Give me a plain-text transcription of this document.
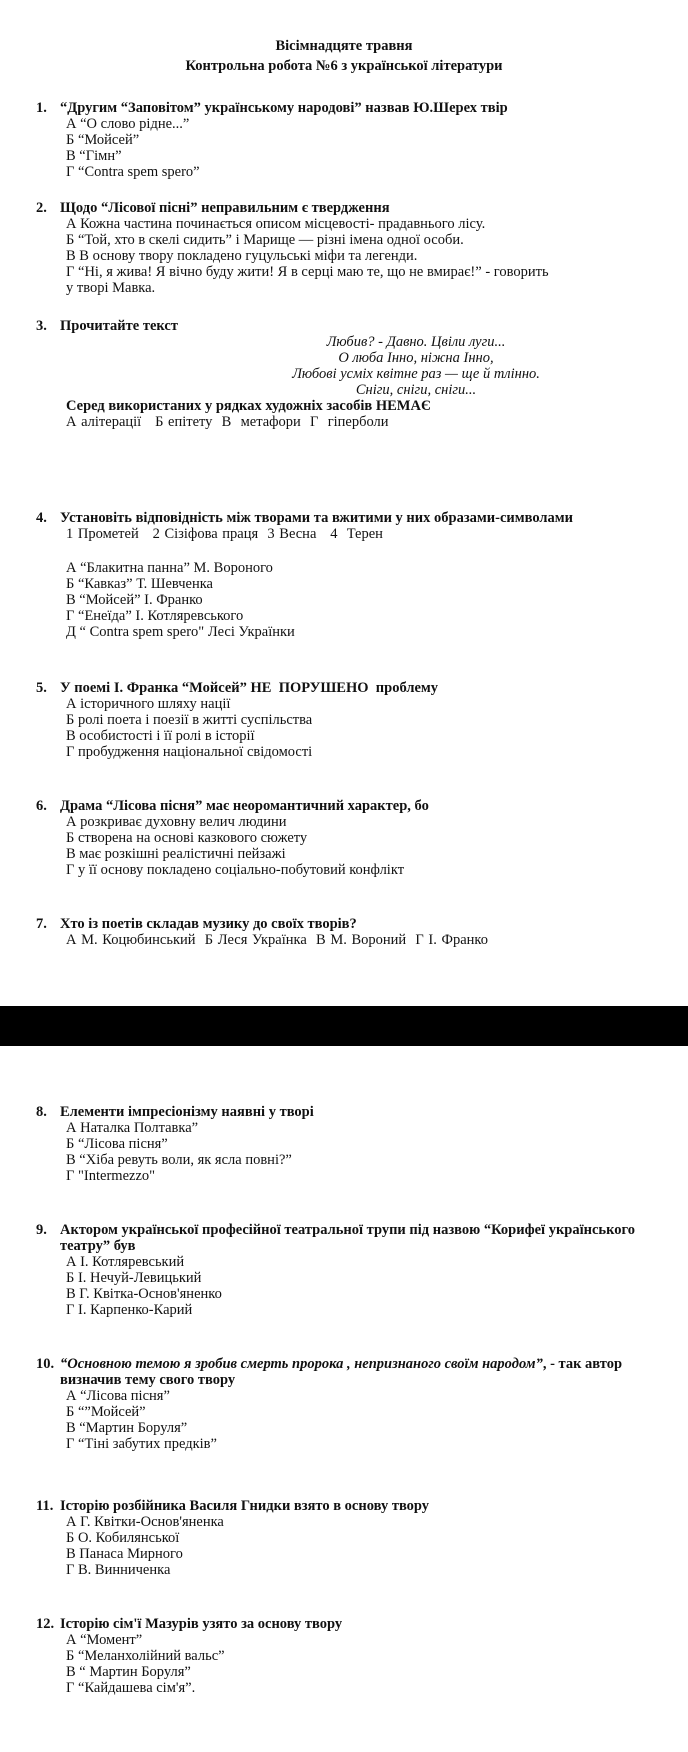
Вісімнадцяте травня
Контрольна робота №6 з української літератури
1. “Другим “Заповітом” українському народові” назвав Ю.Шерех твір
А “О слово рідне...”
Б “Мойсей”
В “Гімн”
Г “Contra spem spero”
2. Щодо “Лісової пісні” неправильним є твердження
А Кожна частина починається описом місцевості- прадавнього лісу.
Б “Той, хто в скелі сидить” і Марище — різні імена одної особи.
В В основу твору покладено гуцульські міфи та легенди.
Г “Ні, я жива! Я вічно буду жити! Я в серці маю те, що не вмирає!” - говорить
у творі Мавка.
3. Прочитайте текст
Любив? - Давно. Цвіли луги...
О люба Інно, ніжна Інно,
Любові усміх квітне раз — ще й тлінно.
Сніги, сніги, сніги...
Серед використаних у рядках художніх засобів НЕМАЄ
А алітерації   Б епітету  В  метафори  Г  гіперболи
4. Установіть відповідність між творами та вжитими у них образами-символами
1 Прометей   2 Сізіфова праця  3 Весна   4  Терен
А “Блакитна панна” М. Вороного
Б “Кавказ” Т. Шевченка
В “Мойсей” І. Франко
Г “Енеїда” І. Котляревського
Д “ Contra spem spero" Лесі Українки
5. У поемі І. Франка “Мойсей” НЕ  ПОРУШЕНО  проблему
А історичного шляху нації
Б ролі поета і поезії в житті суспільства
В особистості і її ролі в історії
Г пробудження національної свідомості
6. Драма “Лісова пісня” має неоромантичний характер, бо
А розкриває духовну велич людини
Б створена на основі казкового сюжету
В має розкішні реалістичні пейзажі
Г у її основу покладено соціально-побутовий конфлікт
7. Хто із поетів складав музику до своїх творів?
А М. Коцюбинський  Б Леся Українка  В М. Вороний  Г І. Франко
8. Елементи імпресіонізму наявні у творі
А Наталка Полтавка”
Б “Лісова пісня”
В “Хіба ревуть воли, як ясла повні?”
Г "Intermezzo"
9. Актором української професійної театральної трупи під назвою “Корифеї українського театру” був
А І. Котляревський
Б І. Нечуй-Левицький
В Г. Квітка-Основ'яненко
Г І. Карпенко-Карий
10. “Основною темою я зробив смерть пророка , непризнаного своїм народом”, - так автор визначив тему свого твору
А “Лісова пісня”
Б “”Мойсей”
В “Мартин Боруля”
Г “Тіні забутих предків”
11. Історію розбійника Василя Гнидки взято в основу твору
А Г. Квітки-Основ'яненка
Б О. Кобилянської
В Панаса Мирного
Г В. Винниченка
12. Історію сім'ї Мазурів узято за основу твору
А “Момент”
Б “Меланхолійний вальс”
В “ Мартин Боруля”
Г “Кайдашева сім'я”.
